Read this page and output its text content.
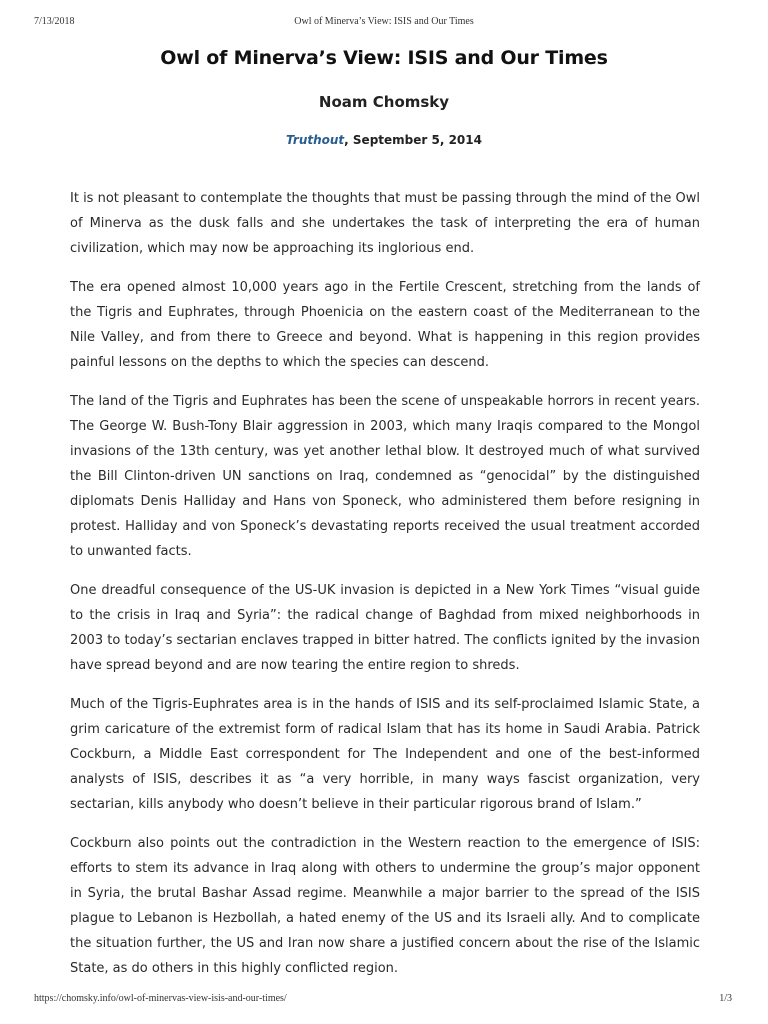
7/13/2018	Owl of Minerva’s View: ISIS and Our Times
Owl of Minerva’s View: ISIS and Our Times
Noam Chomsky
Truthout, September 5, 2014

It is not pleasant to contemplate the thoughts that must be passing through the mind of the Owl of Minerva as the dusk falls and she undertakes the task of interpreting the era of human civilization, which may now be approaching its inglorious end.

The era opened almost 10,000 years ago in the Fertile Crescent, stretching from the lands of the Tigris and Euphrates, through Phoenicia on the eastern coast of the Mediterranean to the Nile Valley, and from there to Greece and beyond. What is happening in this region provides painful lessons on the depths to which the species can descend.

The land of the Tigris and Euphrates has been the scene of unspeakable horrors in recent years. The George W. Bush-Tony Blair aggression in 2003, which many Iraqis compared to the Mongol invasions of the 13th century, was yet another lethal blow. It destroyed much of what survived the Bill Clinton-driven UN sanctions on Iraq, condemned as “genocidal” by the distinguished diplomats Denis Halliday and Hans von Sponeck, who administered them before resigning in protest. Halliday and von Sponeck’s devastating reports received the usual treatment accorded to unwanted facts.

One dreadful consequence of the US-UK invasion is depicted in a New York Times “visual guide to the crisis in Iraq and Syria”: the radical change of Baghdad from mixed neighborhoods in 2003 to today’s sectarian enclaves trapped in bitter hatred. The conflicts ignited by the invasion have spread beyond and are now tearing the entire region to shreds.

Much of the Tigris-Euphrates area is in the hands of ISIS and its self-proclaimed Islamic State, a grim caricature of the extremist form of radical Islam that has its home in Saudi Arabia. Patrick Cockburn, a Middle East correspondent for The Independent and one of the best-informed analysts of ISIS, describes it as “a very horrible, in many ways fascist organization, very sectarian, kills anybody who doesn’t believe in their particular rigorous brand of Islam.”

Cockburn also points out the contradiction in the Western reaction to the emergence of ISIS: efforts to stem its advance in Iraq along with others to undermine the group’s major opponent in Syria, the brutal Bashar Assad regime. Meanwhile a major barrier to the spread of the ISIS plague to Lebanon is Hezbollah, a hated enemy of the US and its Israeli ally. And to complicate the situation further, the US and Iran now share a justified concern about the rise of the Islamic State, as do others in this highly conflicted region.

https://chomsky.info/owl-of-minervas-view-isis-and-our-times/	1/3
